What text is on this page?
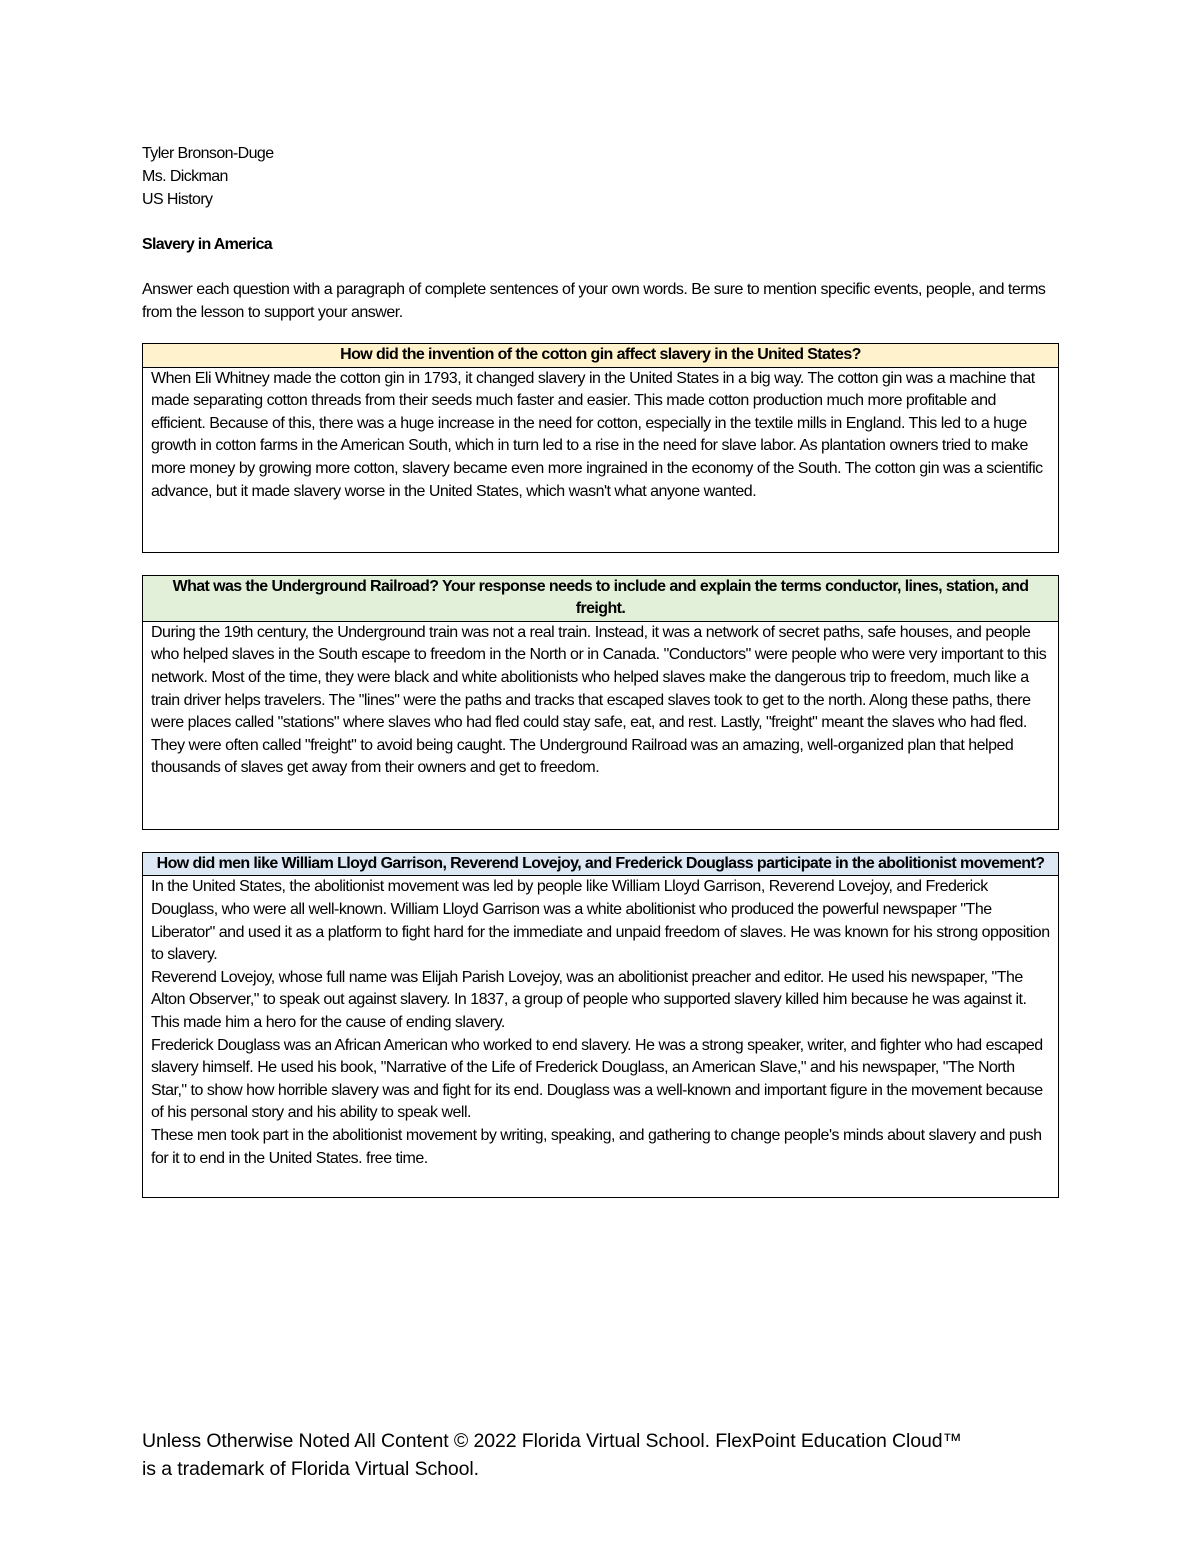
Tyler Bronson-Duge
Ms. Dickman
US History
Slavery in America
Answer each question with a paragraph of complete sentences of your own words. Be sure to mention specific events, people, and terms from the lesson to support your answer.
How did the invention of the cotton gin affect slavery in the United States?

When Eli Whitney made the cotton gin in 1793, it changed slavery in the United States in a big way. The cotton gin was a machine that made separating cotton threads from their seeds much faster and easier. This made cotton production much more profitable and efficient. Because of this, there was a huge increase in the need for cotton, especially in the textile mills in England. This led to a huge growth in cotton farms in the American South, which in turn led to a rise in the need for slave labor. As plantation owners tried to make more money by growing more cotton, slavery became even more ingrained in the economy of the South. The cotton gin was a scientific advance, but it made slavery worse in the United States, which wasn't what anyone wanted.
What was the Underground Railroad? Your response needs to include and explain the terms conductor, lines, station, and freight.

During the 19th century, the Underground train was not a real train. Instead, it was a network of secret paths, safe houses, and people who helped slaves in the South escape to freedom in the North or in Canada. "Conductors" were people who were very important to this network. Most of the time, they were black and white abolitionists who helped slaves make the dangerous trip to freedom, much like a train driver helps travelers. The "lines" were the paths and tracks that escaped slaves took to get to the north. Along these paths, there were places called "stations" where slaves who had fled could stay safe, eat, and rest. Lastly, "freight" meant the slaves who had fled. They were often called "freight" to avoid being caught. The Underground Railroad was an amazing, well-organized plan that helped thousands of slaves get away from their owners and get to freedom.
How did men like William Lloyd Garrison, Reverend Lovejoy, and Frederick Douglass participate in the abolitionist movement?

In the United States, the abolitionist movement was led by people like William Lloyd Garrison, Reverend Lovejoy, and Frederick Douglass, who were all well-known. William Lloyd Garrison was a white abolitionist who produced the powerful newspaper "The Liberator" and used it as a platform to fight hard for the immediate and unpaid freedom of slaves. He was known for his strong opposition to slavery.
Reverend Lovejoy, whose full name was Elijah Parish Lovejoy, was an abolitionist preacher and editor. He used his newspaper, "The Alton Observer," to speak out against slavery. In 1837, a group of people who supported slavery killed him because he was against it. This made him a hero for the cause of ending slavery.
Frederick Douglass was an African American who worked to end slavery. He was a strong speaker, writer, and fighter who had escaped slavery himself. He used his book, "Narrative of the Life of Frederick Douglass, an American Slave," and his newspaper, "The North Star," to show how horrible slavery was and fight for its end. Douglass was a well-known and important figure in the movement because of his personal story and his ability to speak well.
These men took part in the abolitionist movement by writing, speaking, and gathering to change people's minds about slavery and push for it to end in the United States. free time.
Unless Otherwise Noted All Content © 2022 Florida Virtual School. FlexPoint Education Cloud™
is a trademark of Florida Virtual School.
